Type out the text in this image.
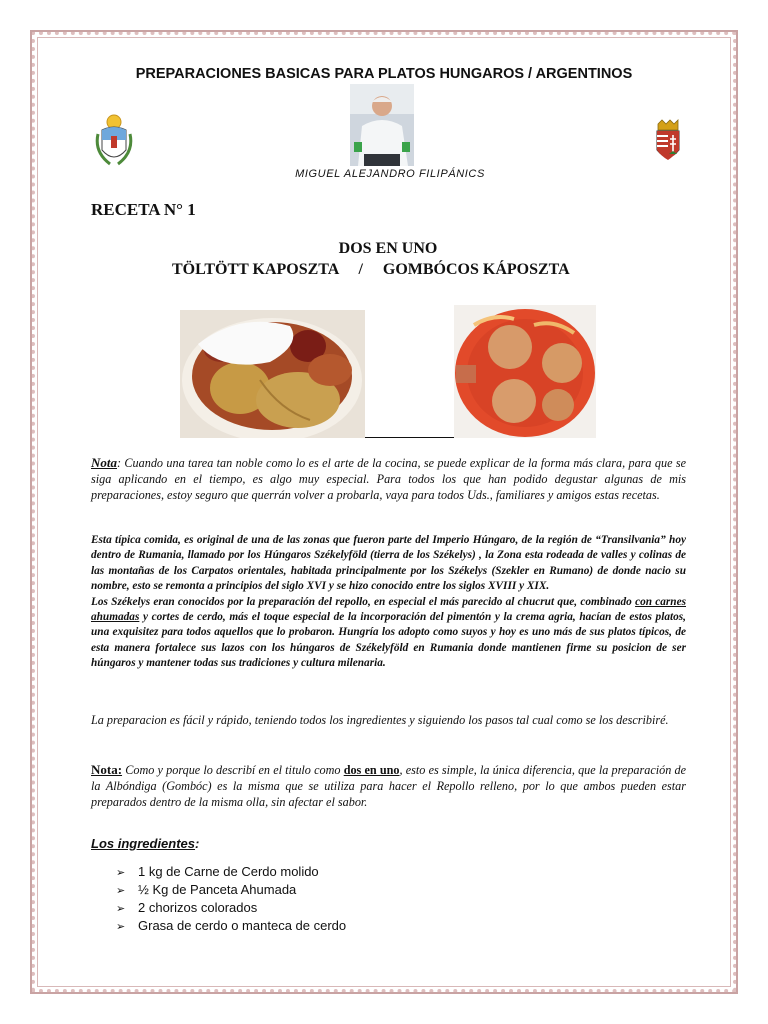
PREPARACIONES BASICAS PARA PLATOS HUNGAROS / ARGENTINOS
MIGUEL ALEJANDRO FILIPÁNICS
RECETA N° 1
DOS EN UNO
TÖLTÖTT KAPOSZTA     /     GOMBÓCOS KÁPOSZTA
Nota: Cuando una tarea tan noble como lo es el arte de la cocina, se puede explicar de la forma más clara, para que se siga aplicando en el tiempo, es algo muy especial. Para todos los que han podido degustar algunas de mis preparaciones, estoy seguro que querrán volver a probarla, vaya para todos Uds., familiares y amigos estas recetas.
Esta típica comida, es original de una de las zonas que fueron parte del Imperio Húngaro, de la región de “Transilvania” hoy dentro de Rumania, llamado por los Húngaros Székelyföld (tierra de los Székelys) , la Zona esta rodeada de valles y colinas de las montañas de los Carpatos orientales, habitada principalmente por los Székelys (Szekler en Rumano) de donde nacio su nombre, esto se remonta a principios del siglo XVI y se hizo conocido entre los siglos XVIII y XIX.
Los Székelys eran conocidos por la preparación del repollo, en especial el más parecido al chucrut que, combinado con carnes ahumadas y cortes de cerdo, más el toque especial de la incorporación del pimentón y la crema agria, hacían de estos platos, una exquisitez para todos aquellos que lo probaron. Hungría los adopto como suyos y hoy es uno más de sus platos típicos, de esta manera fortalece sus lazos con los húngaros de Székelyföld en Rumania donde mantienen firme su posicion de ser húngaros y mantener todas sus tradiciones y cultura milenaria.
La preparacion es fácil y rápido, teniendo todos los ingredientes y siguiendo los pasos tal cual como se los describiré.
Nota: Como y porque lo describí en el titulo como dos en uno, esto es simple, la única diferencia, que la preparación de la Albóndiga (Gombóc) es la misma que se utiliza para hacer el Repollo relleno, por lo que ambos pueden estar preparados dentro de la misma olla, sin afectar el sabor.
Los ingredientes:
➢ 1 kg de Carne de Cerdo molido
➢ ½ Kg de Panceta Ahumada
➢ 2 chorizos colorados
➢ Grasa de cerdo o manteca de cerdo
